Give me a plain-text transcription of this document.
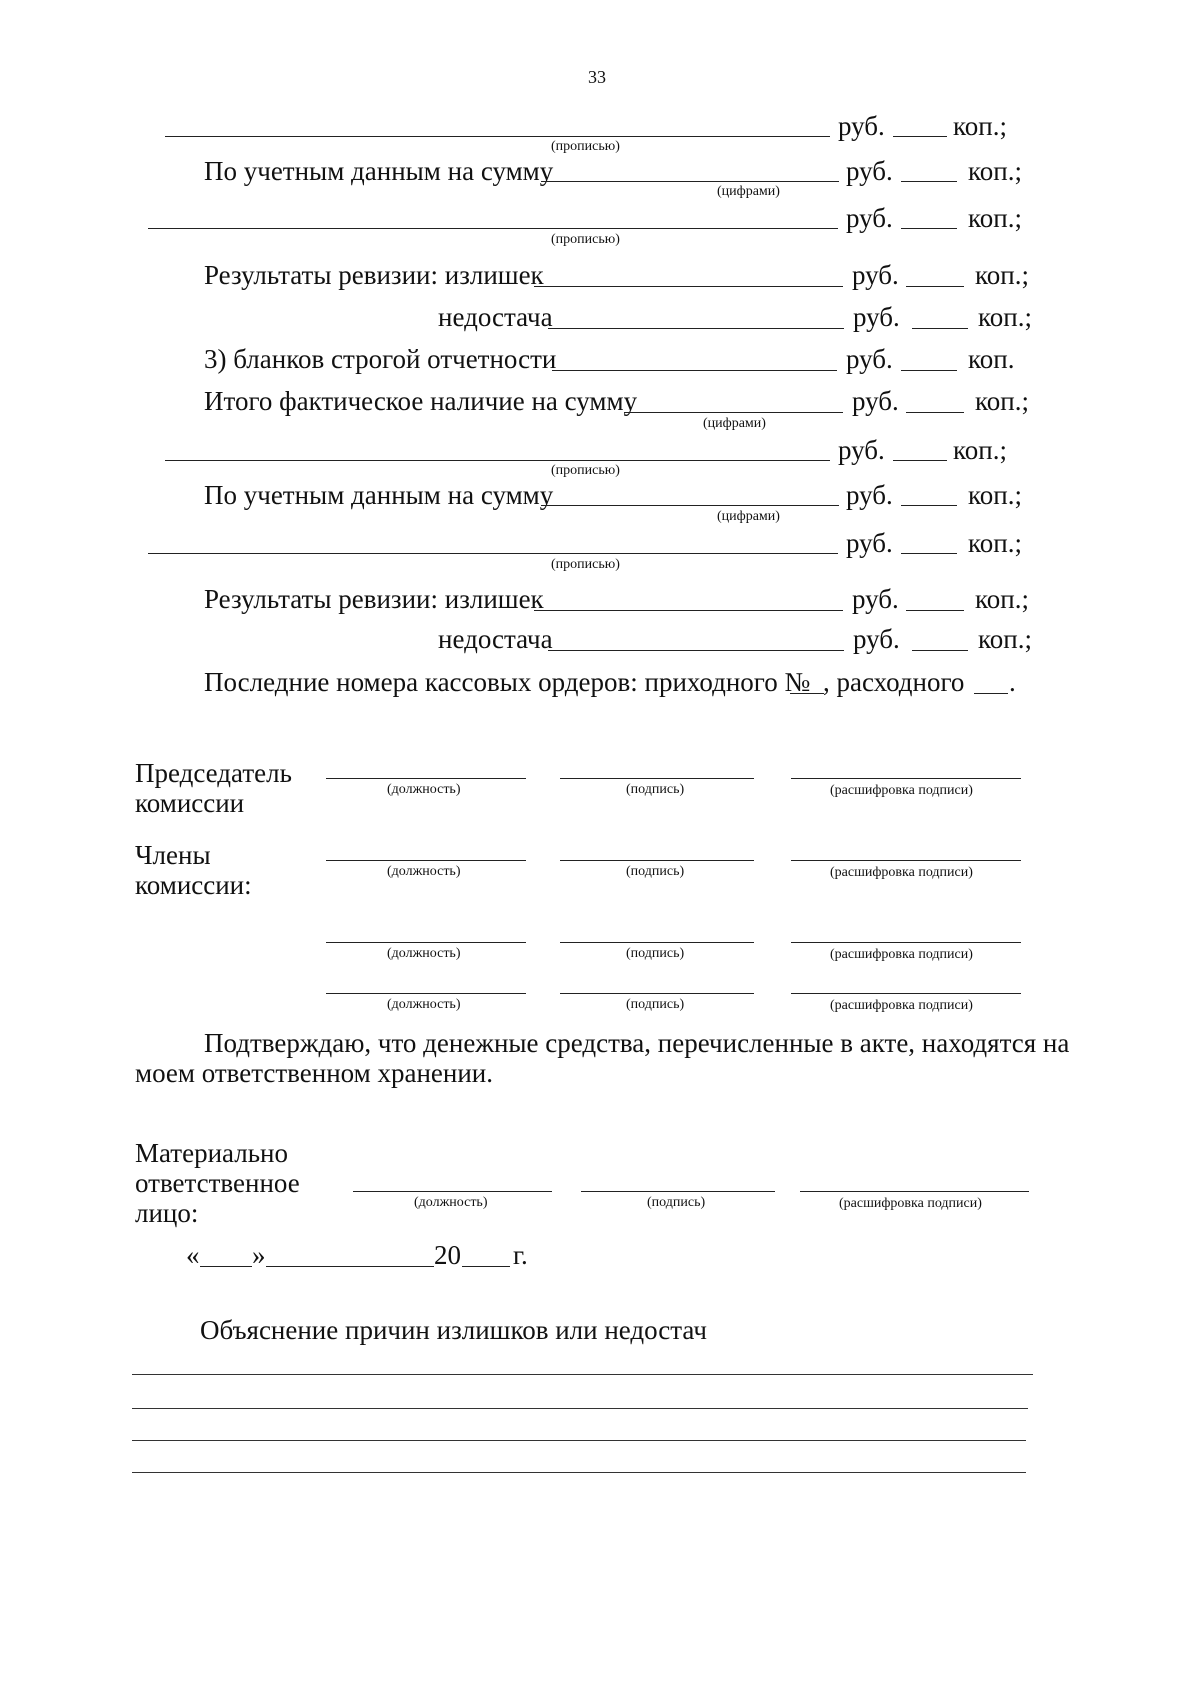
33
руб.	коп.;
(прописью)
По учетным данным на сумму	руб.	коп.;
(цифрами)
руб.	коп.;
(прописью)
Результаты ревизии: излишек	руб.	коп.;
недостача	руб.	коп.;
3) бланков строгой отчетности	руб.	коп.
Итого фактическое наличие на сумму	руб.	коп.;
(цифрами)
руб.	коп.;
(прописью)
По учетным данным на сумму	руб.	коп.;
(цифрами)
руб.	коп.;
(прописью)
Результаты ревизии: излишек	руб.	коп.;
недостача	руб.	коп.;
Последние номера кассовых ордеров: приходного № , расходного .
Председатель
комиссии	(должность)	(подпись)	(расшифровка подписи)
Члены
комиссии:	(должность)	(подпись)	(расшифровка подписи)
(должность)	(подпись)	(расшифровка подписи)
(должность)	(подпись)	(расшифровка подписи)
Подтверждаю, что денежные средства, перечисленные в акте, находятся на
моем ответственном хранении.
Материально
ответственное
лицо:	(должность)	(подпись)	(расшифровка подписи)
« »	20 г.
Объяснение причин излишков или недостач
